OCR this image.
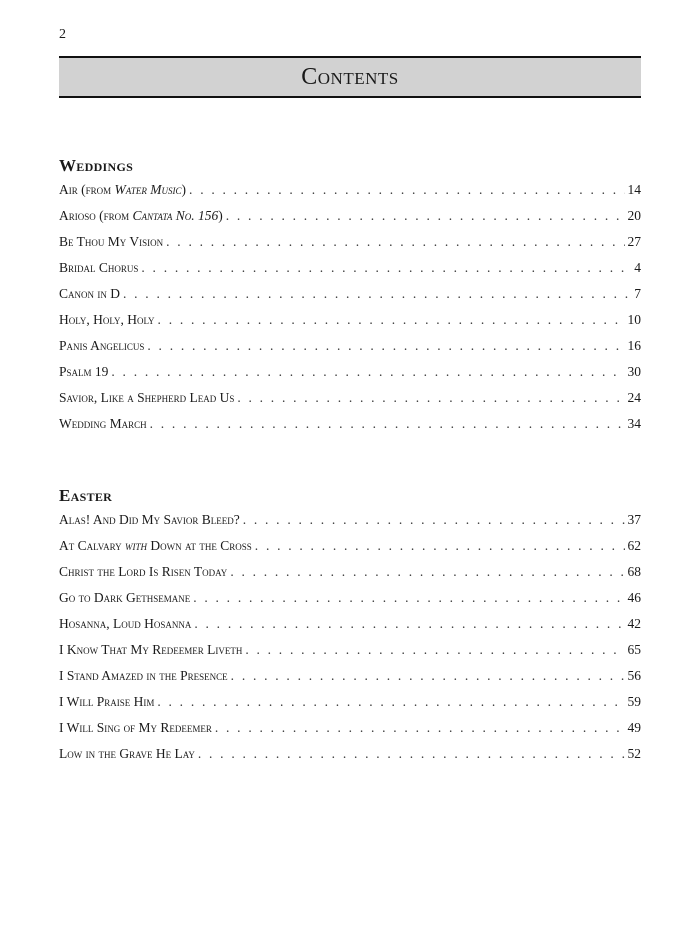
2
Contents
Weddings
Air (from Water Music) . . .	14
Arioso (from Cantata No. 156) . . .	20
Be Thou My Vision . . .	27
Bridal Chorus . . .	4
Canon in D . . .	7
Holy, Holy, Holy . . .	10
Panis Angelicus . . .	16
Psalm 19 . . .	30
Savior, Like a Shepherd Lead Us . . .	24
Wedding March . . .	34
Easter
Alas! And Did My Savior Bleed? . . .	37
At Calvary with Down at the Cross . . .	62
Christ the Lord Is Risen Today . . .	68
Go to Dark Gethsemane . . .	46
Hosanna, Loud Hosanna . . .	42
I Know That My Redeemer Liveth . . .	65
I Stand Amazed in the Presence . . .	56
I Will Praise Him . . .	59
I Will Sing of My Redeemer . . .	49
Low in the Grave He Lay . . .	52
